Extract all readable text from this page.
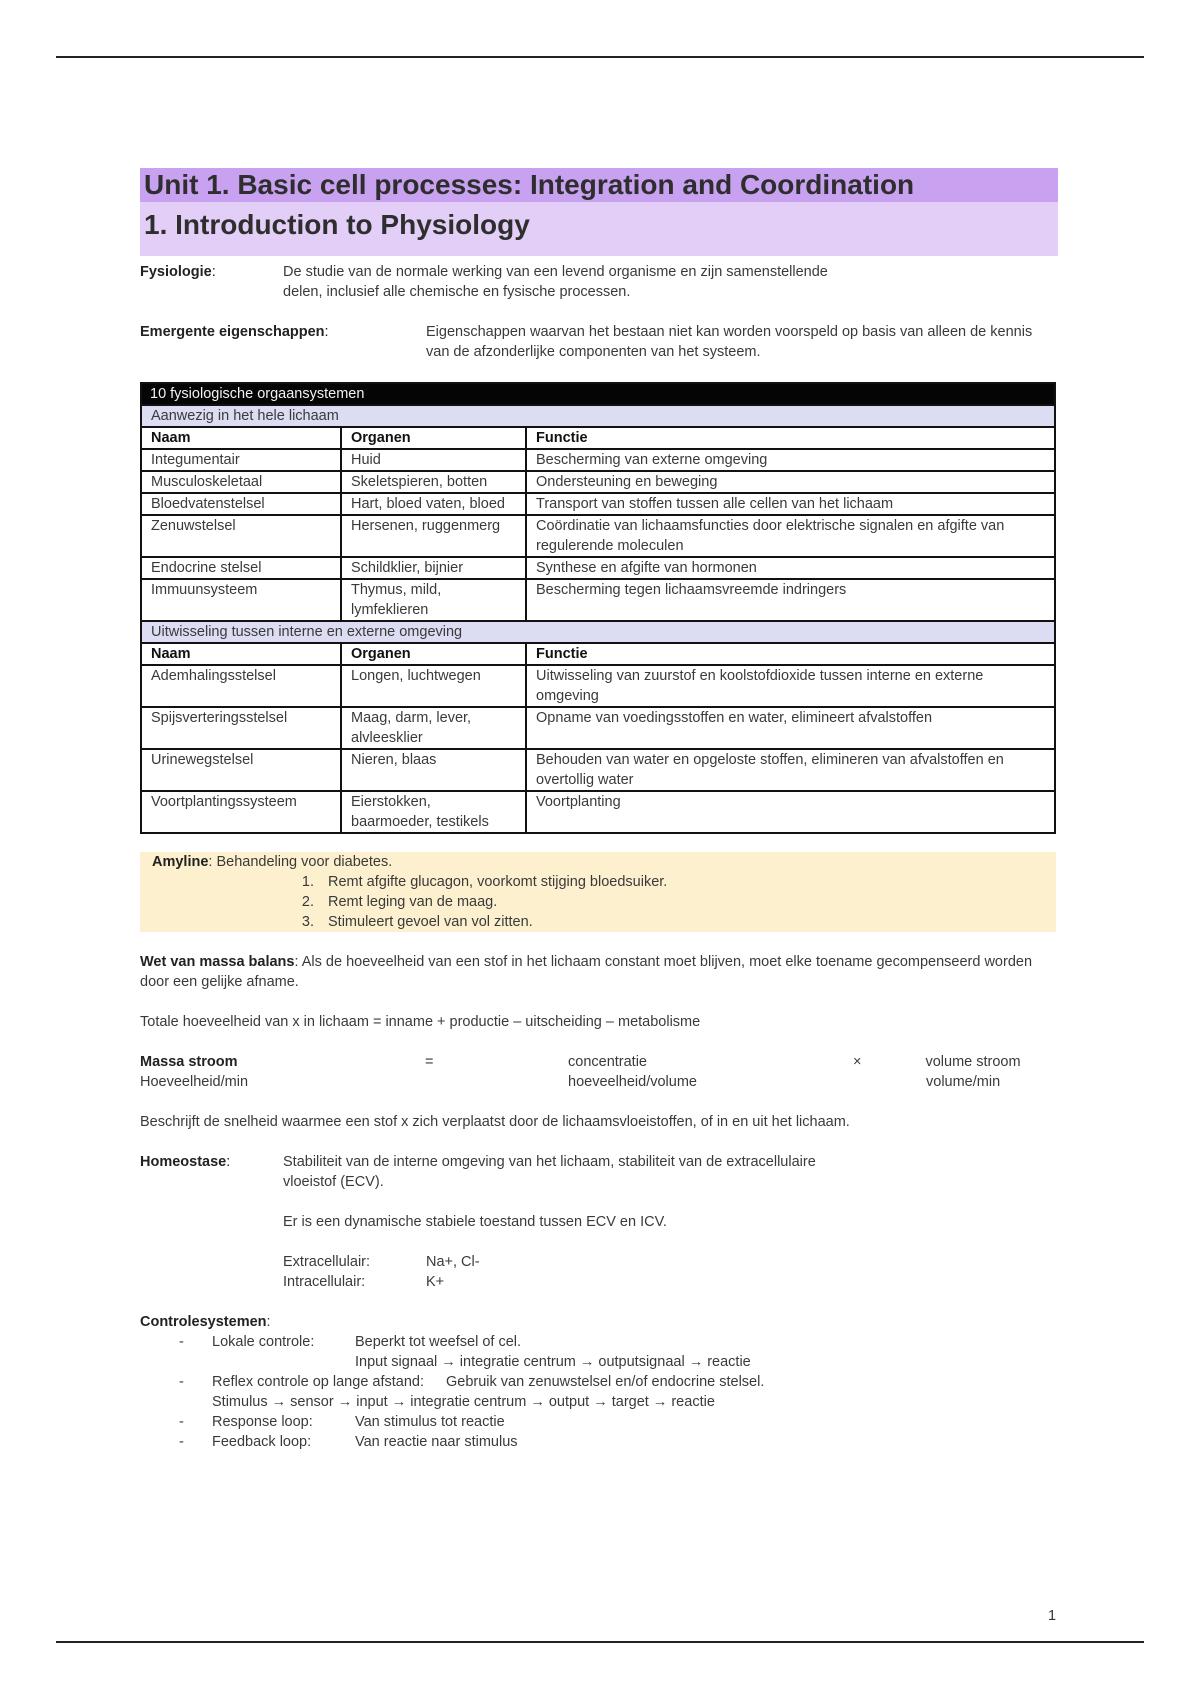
Unit 1. Basic cell processes: Integration and Coordination
1. Introduction to Physiology
Fysiologie:	De studie van de normale werking van een levend organisme en zijn samenstellende delen, inclusief alle chemische en fysische processen.
Emergente eigenschappen:	Eigenschappen waarvan het bestaan niet kan worden voorspeld op basis van alleen de kennis van de afzonderlijke componenten van het systeem.
10 fysiologische orgaansystemen		
Aanwezig in het hele lichaam		
Naam	Organen	Functie
Integumentair	Huid	Bescherming van externe omgeving
Musculoskeletaal	Skeletspieren, botten	Ondersteuning en beweging
Bloedvatenstelsel	Hart, bloed vaten, bloed	Transport van stoffen tussen alle cellen van het lichaam
Zenuwstelsel	Hersenen, ruggenmerg	Coördinatie van lichaamsfuncties door elektrische signalen en afgifte van regulerende moleculen
Endocrine stelsel	Schildklier, bijnier	Synthese en afgifte van hormonen
Immuunsysteem	Thymus, mild, lymfeklieren	Bescherming tegen lichaamsvreemde indringers
Uitwisseling tussen interne en externe omgeving		
Naam	Organen	Functie
Ademhalingsstelsel	Longen, luchtwegen	Uitwisseling van zuurstof en koolstofdioxide tussen interne en externe omgeving
Spijsverteringsstelsel	Maag, darm, lever, alvleesklier	Opname van voedingsstoffen en water, elimineert afvalstoffen
Urinewegstelsel	Nieren, blaas	Behouden van water en opgeloste stoffen, elimineren van afvalstoffen en overtollig water
Voortplantingssysteem	Eierstokken, baarmoeder, testikels	Voortplanting
Amyline: Behandeling voor diabetes.
1. Remt afgifte glucagon, voorkomt stijging bloedsuiker.
2. Remt leging van de maag.
3. Stimuleert gevoel van vol zitten.
Wet van massa balans: Als de hoeveelheid van een stof in het lichaam constant moet blijven, moet elke toename gecompenseerd worden door een gelijke afname.
Totale hoeveelheid van x in lichaam = inname + productie – uitscheiding – metabolisme
Massa stroom	=	concentratie	×	volume stroom
Hoeveelheid/min	hoeveelheid/volume	volume/min
Beschrijft de snelheid waarmee een stof x zich verplaatst door de lichaamsvloeistoffen, of in en uit het lichaam.
Homeostase:	Stabiliteit van de interne omgeving van het lichaam, stabiliteit van de extracellulaire vloeistof (ECV).
Er is een dynamische stabiele toestand tussen ECV en ICV.
Extracellulair:	Na+, Cl-
Intracellulair:	K+
Controlesystemen:
-	Lokale controle:	Beperkt tot weefsel of cel.
Input signaal → integratie centrum → outputsignaal → reactie
-	Reflex controle op lange afstand: Gebruik van zenuwstelsel en/of endocrine stelsel.
Stimulus → sensor → input → integratie centrum → output → target → reactie
-	Response loop:	Van stimulus tot reactie
-	Feedback loop:	Van reactie naar stimulus
1
